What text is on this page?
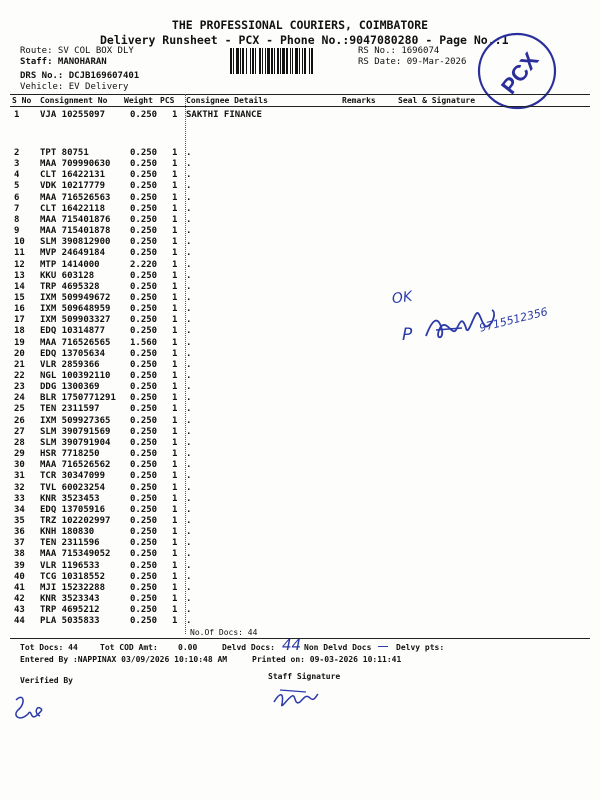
THE PROFESSIONAL COURIERS, COIMBATORE
Delivery Runsheet - PCX - Phone No.:9047080280 - Page No.:1
Route: SV COL BOX DLY
Staff: MANOHARAN
DRS No.: DCJB169607401
Vehicle: EV Delivery
RS No.: 1696074
RS Date: 09-Mar-2026 PCX
S No Consignment No Weight PCS Consignee Details	Remarks	Seal & Signature
1 VJA 10255097	0.250 1 SAKTHI FINANCE
2 TPT 80751	0.250 1 .
3 MAA 709990630 0.250 1 .
4 CLT 16422131	0.250 1 .
5 VDK 10217779	0.250 1 .
6 MAA 716526563 0.250 1 .
7 CLT 16422118	0.250 1 .
8 MAA 715401876 0.250 1 .
9 MAA 715401878 0.250 1 .
10 SLM 390812900 0.250 1 .
11 MVP 24649184	0.250 1 .
12 MTP 1414000	2.220 1 .
13 KKU 603128	0.250 1 .
14 TRP 4695328	0.250 1 .
15 IXM 509949672 0.250 1 .
16 IXM 509648959 0.250 1 .
17 IXM 509903327 0.250 1 .
18 EDQ 10314877	0.250 1 .
19 MAA 716526565 1.560 1 .
20 EDQ 13705634	0.250 1 .
21 VLR 2859366	0.250 1 .
22 NGL 100392110 0.250 1 .
23 DDG 1300369	0.250 1 .
24 BLR 1750771291 0.250 1 .
25 TEN 2311597	0.250 1 .
26 IXM 509927365 0.250 1 .
27 SLM 390791569 0.250 1 .
28 SLM 390791904 0.250 1 .
29 HSR 7718250	0.250 1 .
30 MAA 716526562 0.250 1 .
31 TCR 30347099	0.250 1 .
32 TVL 60023254	0.250 1 .
33 KNR 3523453	0.250 1 .
34 EDQ 13705916	0.250 1 .
35 TRZ 102202997 0.250 1 .
36 KNH 180830	0.250 1 .
37 TEN 2311596	0.250 1 .
38 MAA 715349052 0.250 1 .
39 VLR 1196533	0.250 1 .
40 TCG 10318552	0.250 1 .
41 MJI 15232288	0.250 1 .
42 KNR 3523343	0.250 1 .
43 TRP 4695212	0.250 1 .
44 PLA 5035833	0.250 1 .
OK
P
9715512356
No.Of Docs: 44
Tot Docs: 44	Tot COD Amt:	0.00	Delvd Docs: 44 Non Delvd Docs	Delvy pts:
Entered By :NAPPINAX 03/09/2026 10:10:48 AM	Printed on: 09-03-2026 10:11:41
Verified By	Staff Signature
